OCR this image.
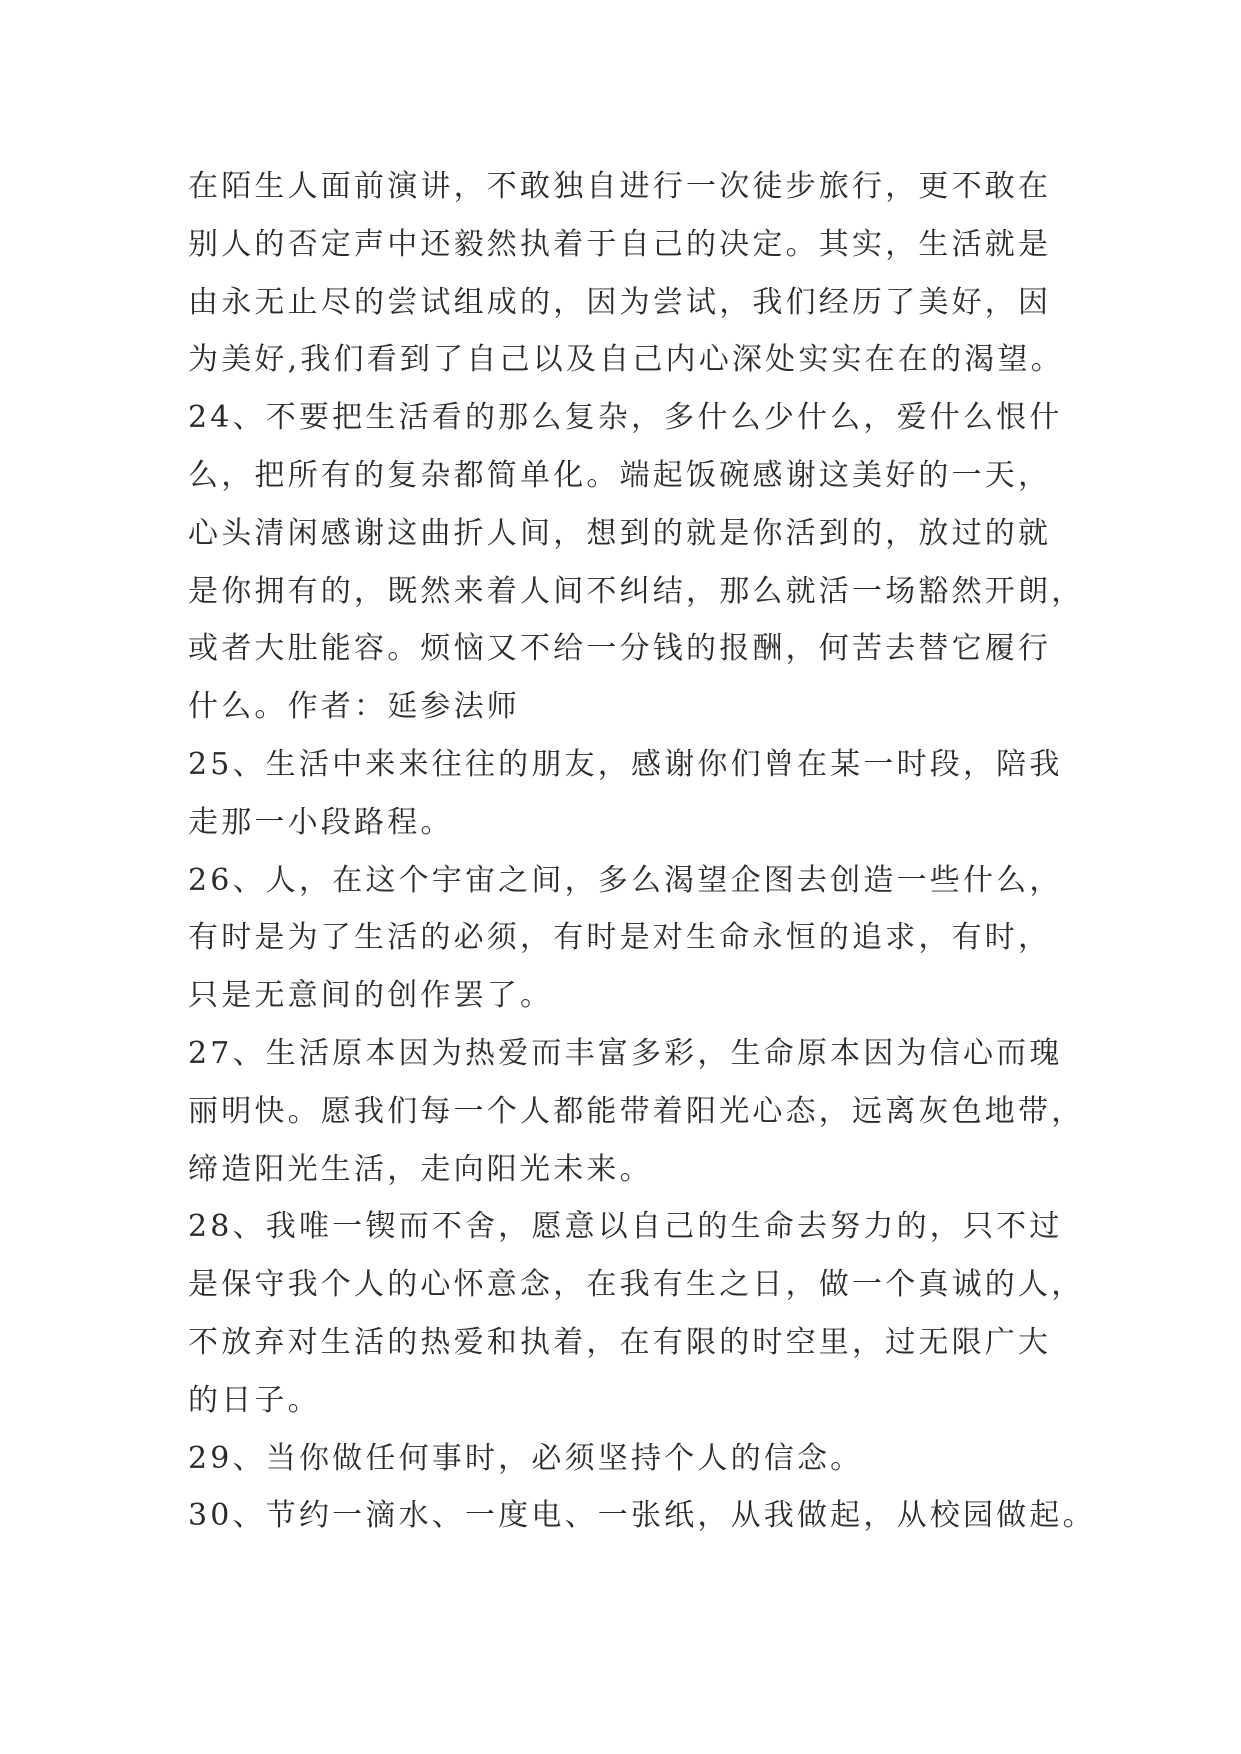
在陌生人面前演讲，不敢独自进行一次徒步旅行，更不敢在
别人的否定声中还毅然执着于自己的决定。其实，生活就是
由永无止尽的尝试组成的，因为尝试，我们经历了美好，因
为美好,我们看到了自己以及自己内心深处实实在在的渴望。
24、不要把生活看的那么复杂，多什么少什么，爱什么恨什
么，把所有的复杂都简单化。端起饭碗感谢这美好的一天，
心头清闲感谢这曲折人间，想到的就是你活到的，放过的就
是你拥有的，既然来着人间不纠结，那么就活一场豁然开朗，
或者大肚能容。烦恼又不给一分钱的报酬，何苦去替它履行
什么。作者：延参法师
25、生活中来来往往的朋友，感谢你们曾在某一时段，陪我
走那一小段路程。
26、人，在这个宇宙之间，多么渴望企图去创造一些什么，
有时是为了生活的必须，有时是对生命永恒的追求，有时，
只是无意间的创作罢了。
27、生活原本因为热爱而丰富多彩，生命原本因为信心而瑰
丽明快。愿我们每一个人都能带着阳光心态，远离灰色地带，
缔造阳光生活，走向阳光未来。
28、我唯一锲而不舍，愿意以自己的生命去努力的，只不过
是保守我个人的心怀意念，在我有生之日，做一个真诚的人，
不放弃对生活的热爱和执着，在有限的时空里，过无限广大
的日子。
29、当你做任何事时，必须坚持个人的信念。
30、节约一滴水、一度电、一张纸，从我做起，从校园做起。
